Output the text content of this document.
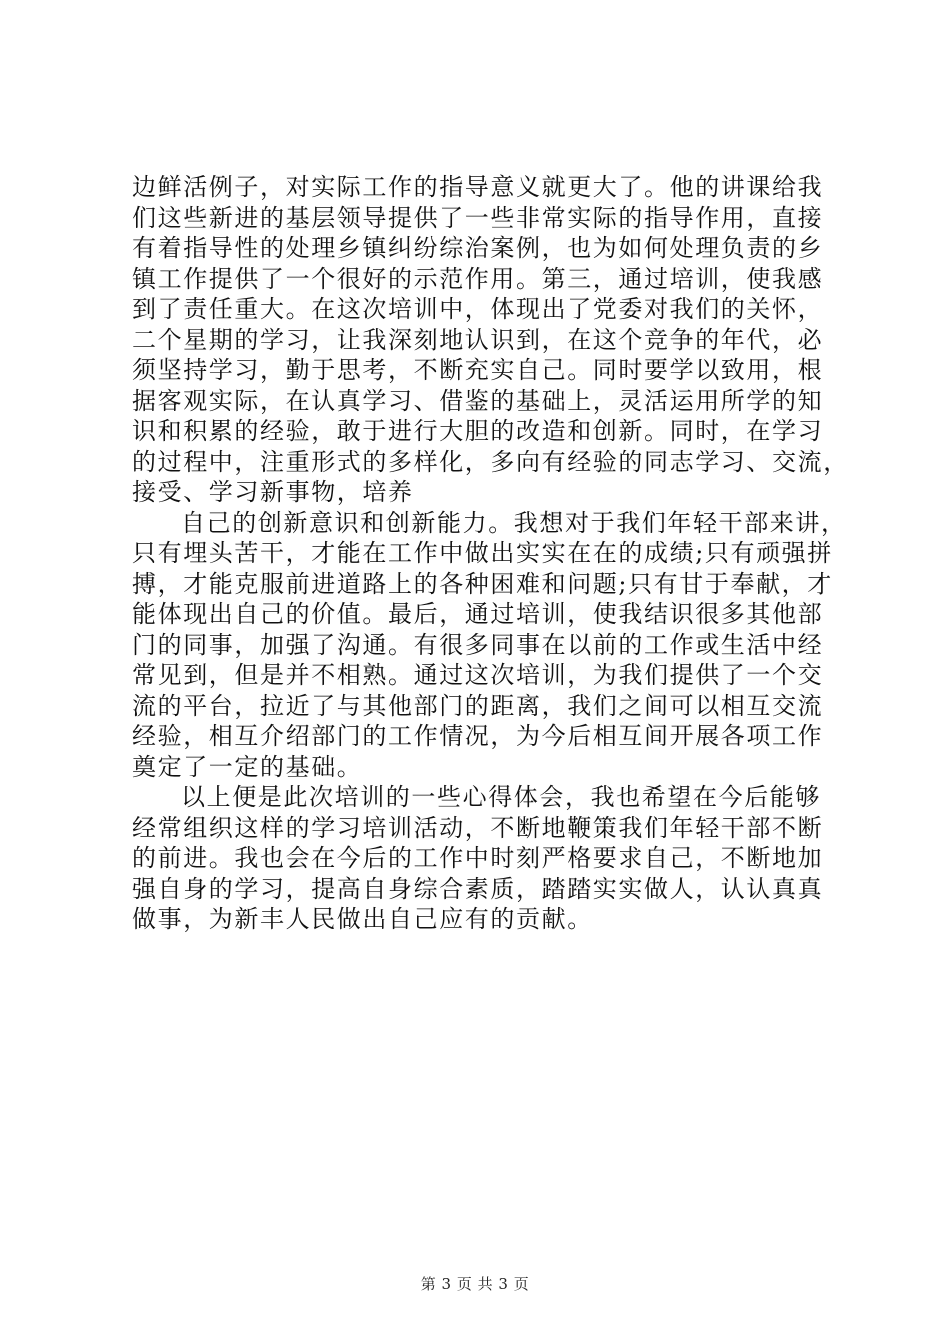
边鲜活例子，对实际工作的指导意义就更大了。他的讲课给我
们这些新进的基层领导提供了一些非常实际的指导作用，直接
有着指导性的处理乡镇纠纷综治案例，也为如何处理负责的乡
镇工作提供了一个很好的示范作用。第三，通过培训，使我感
到了责任重大。在这次培训中，体现出了党委对我们的关怀，
二个星期的学习，让我深刻地认识到，在这个竞争的年代，必
须坚持学习，勤于思考，不断充实自己。同时要学以致用，根
据客观实际，在认真学习、借鉴的基础上，灵活运用所学的知
识和积累的经验，敢于进行大胆的改造和创新。同时，在学习
的过程中，注重形式的多样化，多向有经验的同志学习、交流，
接受、学习新事物，培养
自己的创新意识和创新能力。我想对于我们年轻干部来讲，
只有埋头苦干，才能在工作中做出实实在在的成绩;只有顽强拼
搏，才能克服前进道路上的各种困难和问题;只有甘于奉献，才
能体现出自己的价值。最后，通过培训，使我结识很多其他部
门的同事，加强了沟通。有很多同事在以前的工作或生活中经
常见到，但是并不相熟。通过这次培训，为我们提供了一个交
流的平台，拉近了与其他部门的距离，我们之间可以相互交流
经验，相互介绍部门的工作情况，为今后相互间开展各项工作
奠定了一定的基础。
以上便是此次培训的一些心得体会，我也希望在今后能够
经常组织这样的学习培训活动，不断地鞭策我们年轻干部不断
的前进。我也会在今后的工作中时刻严格要求自己，不断地加
强自身的学习，提高自身综合素质，踏踏实实做人，认认真真
做事，为新丰人民做出自己应有的贡献。
第 3 页 共 3 页
